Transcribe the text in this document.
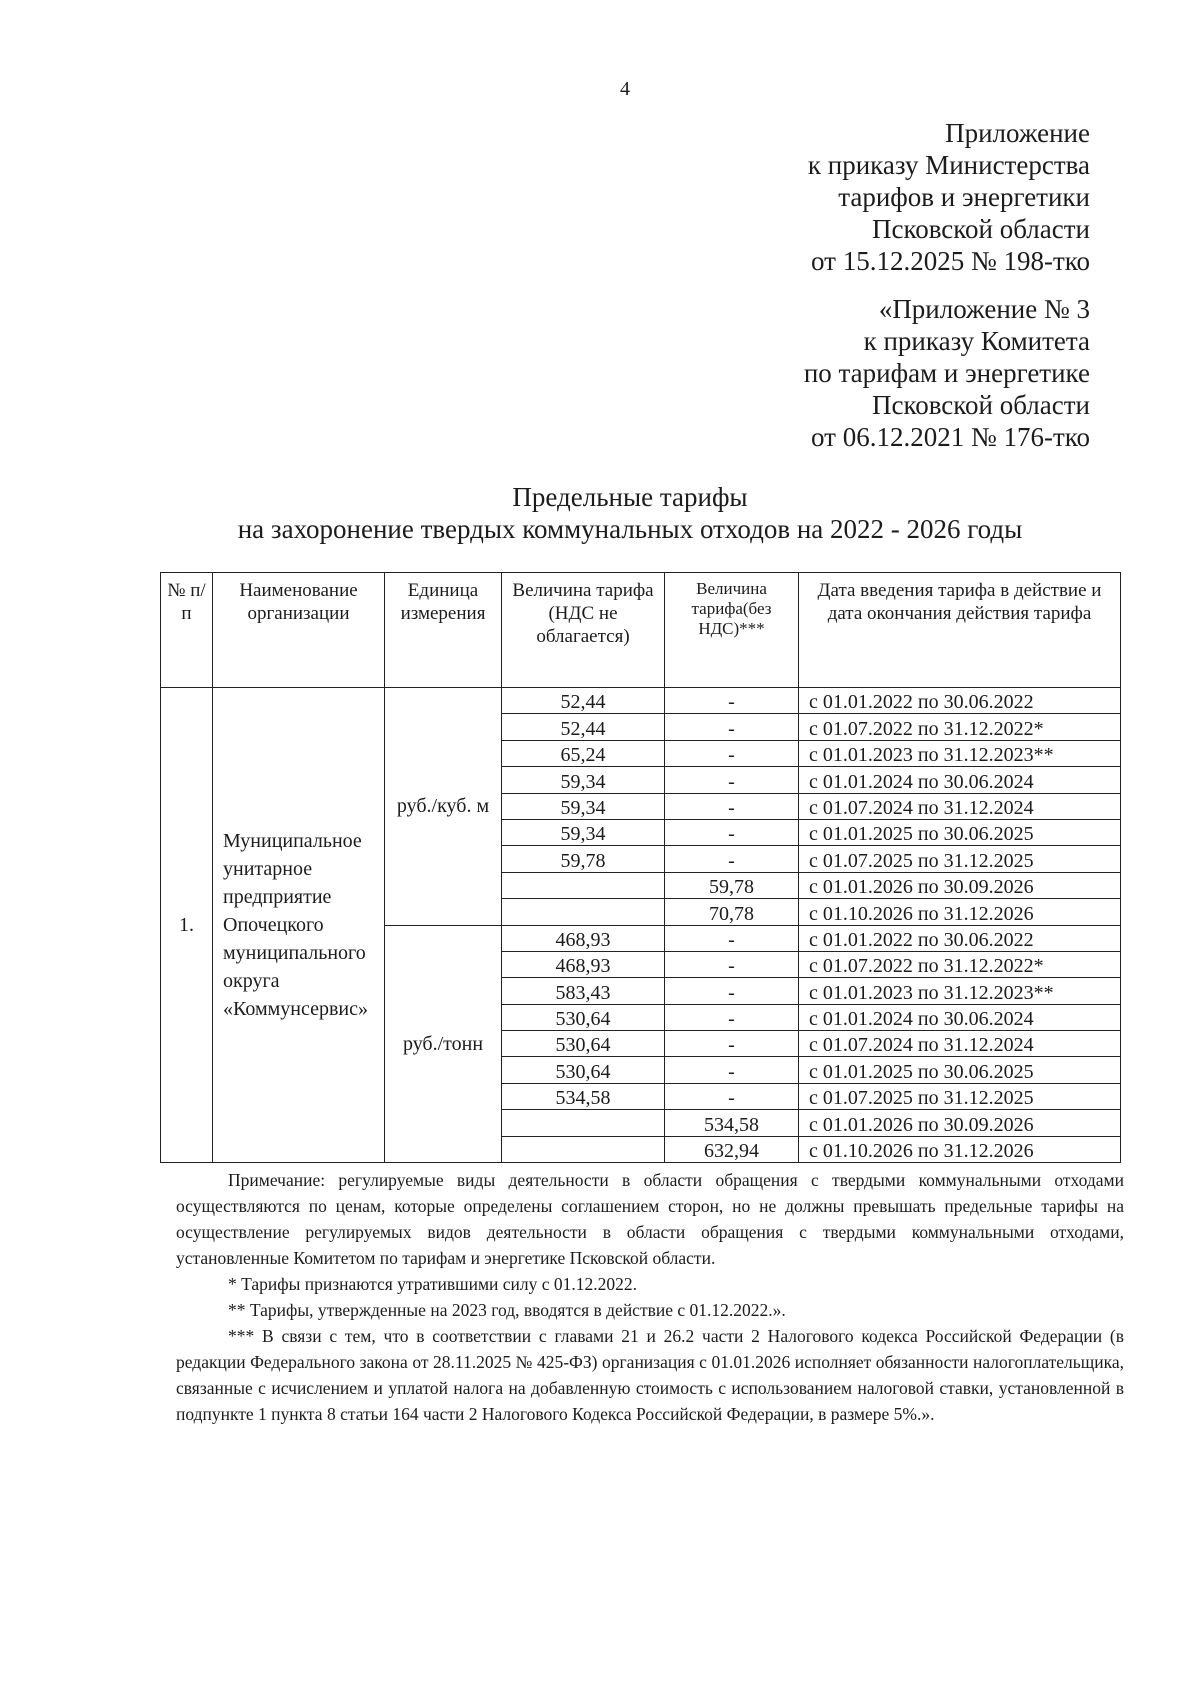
4
Приложение
к приказу Министерства
тарифов и энергетики
Псковской области
от 15.12.2025 № 198-тко
«Приложение № 3
к приказу Комитета
по тарифам и энергетике
Псковской области
от 06.12.2021 № 176-тко
Предельные тарифы
на захоронение твердых коммунальных отходов на 2022 - 2026 годы
№ п/п	Наименование организации	Единица измерения	Величина тарифа (НДС не облагается)	Величина тарифа(без НДС)***	Дата введения тарифа в действие и дата окончания действия тарифа
1.	Муниципальное унитарное предприятие Опочецкого муниципального округа «Коммунсервис»	руб./куб. м	52,44	-	с 01.01.2022 по 30.06.2022
			52,44	-	с 01.07.2022 по 31.12.2022*
			65,24	-	с 01.01.2023 по 31.12.2023**
			59,34	-	с 01.01.2024 по 30.06.2024
			59,34	-	с 01.07.2024 по 31.12.2024
			59,34	-	с 01.01.2025 по 30.06.2025
			59,78	-	с 01.07.2025 по 31.12.2025
				59,78	с 01.01.2026 по 30.09.2026
				70,78	с 01.10.2026 по 31.12.2026
		руб./тонн	468,93	-	с 01.01.2022 по 30.06.2022
			468,93	-	с 01.07.2022 по 31.12.2022*
			583,43	-	с 01.01.2023 по 31.12.2023**
			530,64	-	с 01.01.2024 по 30.06.2024
			530,64	-	с 01.07.2024 по 31.12.2024
			530,64	-	с 01.01.2025 по 30.06.2025
			534,58	-	с 01.07.2025 по 31.12.2025
				534,58	с 01.01.2026 по 30.09.2026
				632,94	с 01.10.2026 по 31.12.2026

Примечание: регулируемые виды деятельности в области обращения с твердыми коммунальными отходами осуществляются по ценам, которые определены соглашением сторон, но не должны превышать предельные тарифы на осуществление регулируемых видов деятельности в области обращения с твердыми коммунальными отходами, установленные Комитетом по тарифам и энергетике Псковской области.

* Тарифы признаются утратившими силу с 01.12.2022.

** Тарифы, утвержденные на 2023 год, вводятся в действие с 01.12.2022.».

*** В связи с тем, что в соответствии с главами 21 и 26.2 части 2 Налогового кодекса Российской Федерации (в редакции Федерального закона от 28.11.2025 № 425-ФЗ) организация с 01.01.2026 исполняет обязанности налогоплательщика, связанные с исчислением и уплатой налога на добавленную стоимость с использованием налоговой ставки, установленной в подпункте 1 пункта 8 статьи 164 части 2 Налогового Кодекса Российской Федерации, в размере 5%.».
